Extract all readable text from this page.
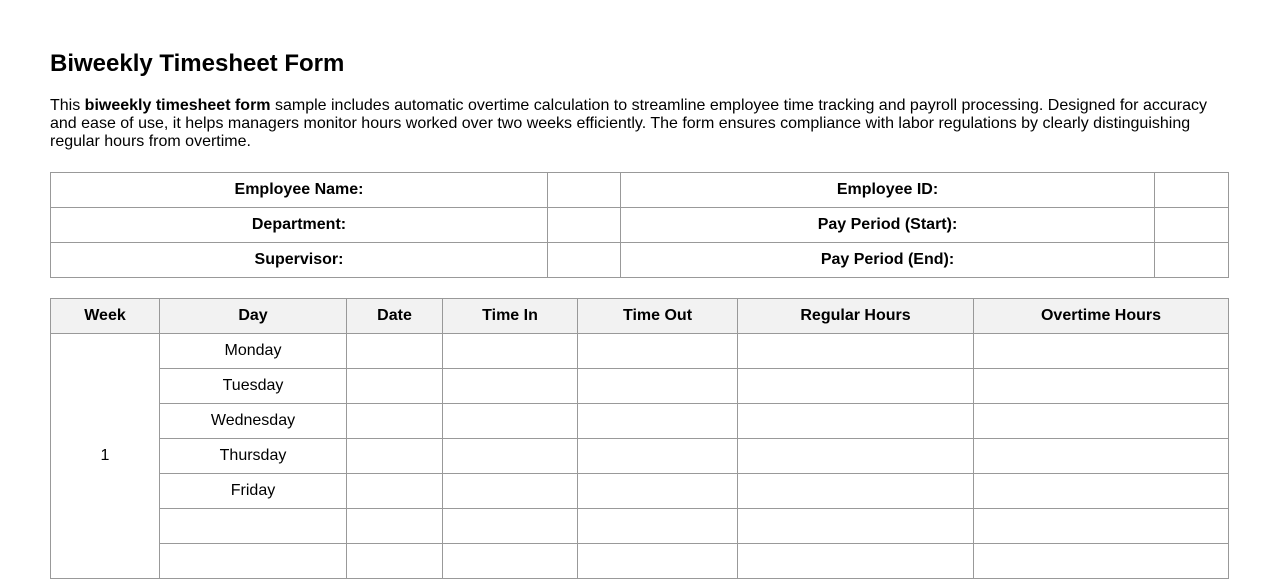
Biweekly Timesheet Form

This biweekly timesheet form sample includes automatic overtime calculation to streamline employee time tracking and payroll processing. Designed for accuracy and ease of use, it helps managers monitor hours worked over two weeks efficiently. The form ensures compliance with labor regulations by clearly distinguishing regular hours from overtime.

Employee Name:		Employee ID:	
Department:		Pay Period (Start):	
Supervisor:		Pay Period (End):	
Week	Day	Date	Time In	Time Out	Regular Hours	Overtime Hours
1	Monday					
	Tuesday					
	Wednesday					
	Thursday					
	Friday					
